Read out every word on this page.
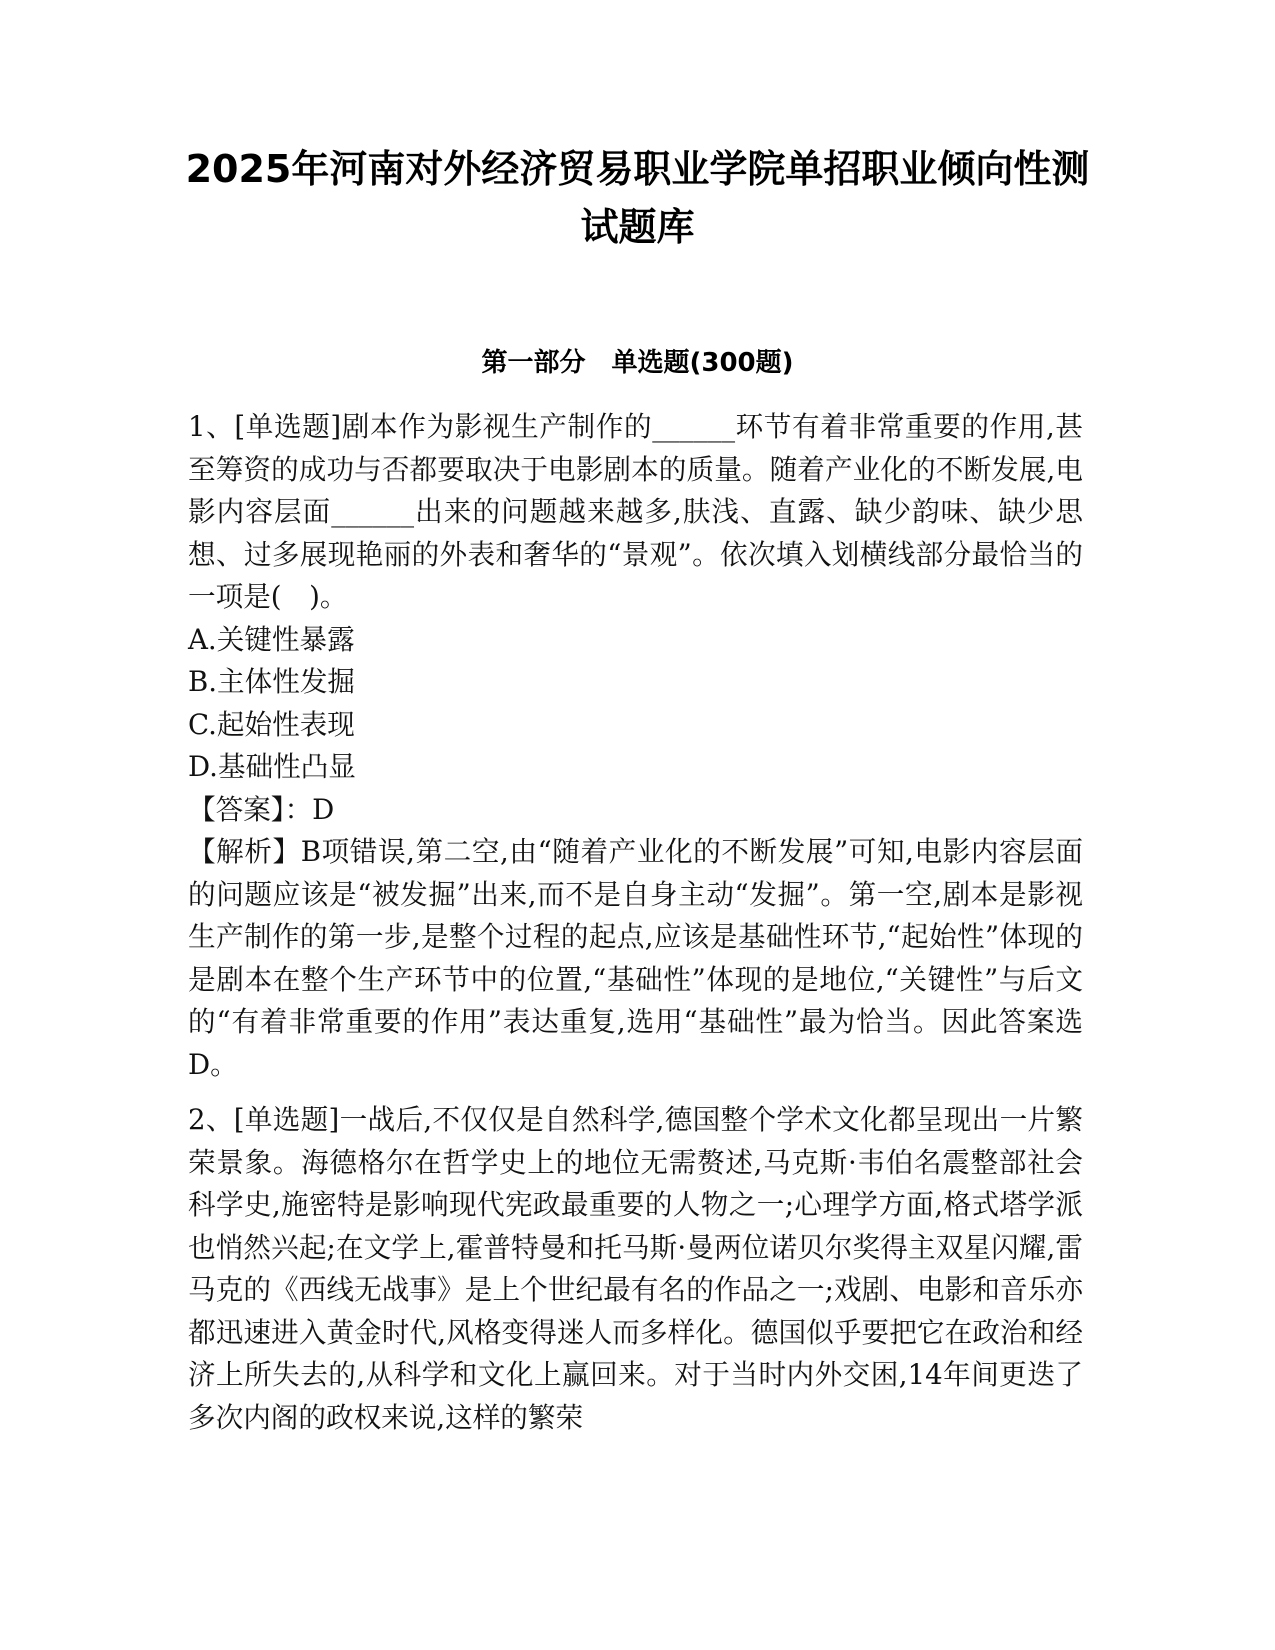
2025年河南对外经济贸易职业学院单招职业倾向性测试题库
第一部分　单选题(300题)

1、[单选题]剧本作为影视生产制作的______环节有着非常重要的作用,甚至筹资的成功与否都要取决于电影剧本的质量。随着产业化的不断发展,电影内容层面______出来的问题越来越多,肤浅、直露、缺少韵味、缺少思想、过多展现艳丽的外表和奢华的“景观”。依次填入划横线部分最恰当的一项是(　)。

A.关键性暴露

B.主体性发掘

C.起始性表现

D.基础性凸显

【答案】：D

【解析】B项错误,第二空,由“随着产业化的不断发展”可知,电影内容层面的问题应该是“被发掘”出来,而不是自身主动“发掘”。第一空,剧本是影视生产制作的第一步,是整个过程的起点,应该是基础性环节,“起始性”体现的是剧本在整个生产环节中的位置,“基础性”体现的是地位,“关键性”与后文的“有着非常重要的作用”表达重复,选用“基础性”最为恰当。因此答案选D。

2、[单选题]一战后,不仅仅是自然科学,德国整个学术文化都呈现出一片繁荣景象。海德格尔在哲学史上的地位无需赘述,马克斯·韦伯名震整部社会科学史,施密特是影响现代宪政最重要的人物之一;心理学方面,格式塔学派也悄然兴起;在文学上,霍普特曼和托马斯·曼两位诺贝尔奖得主双星闪耀,雷马克的《西线无战事》是上个世纪最有名的作品之一;戏剧、电影和音乐亦都迅速进入黄金时代,风格变得迷人而多样化。德国似乎要把它在政治和经济上所失去的,从科学和文化上赢回来。对于当时内外交困,14年间更迭了多次内阁的政权来说,这样的繁荣
